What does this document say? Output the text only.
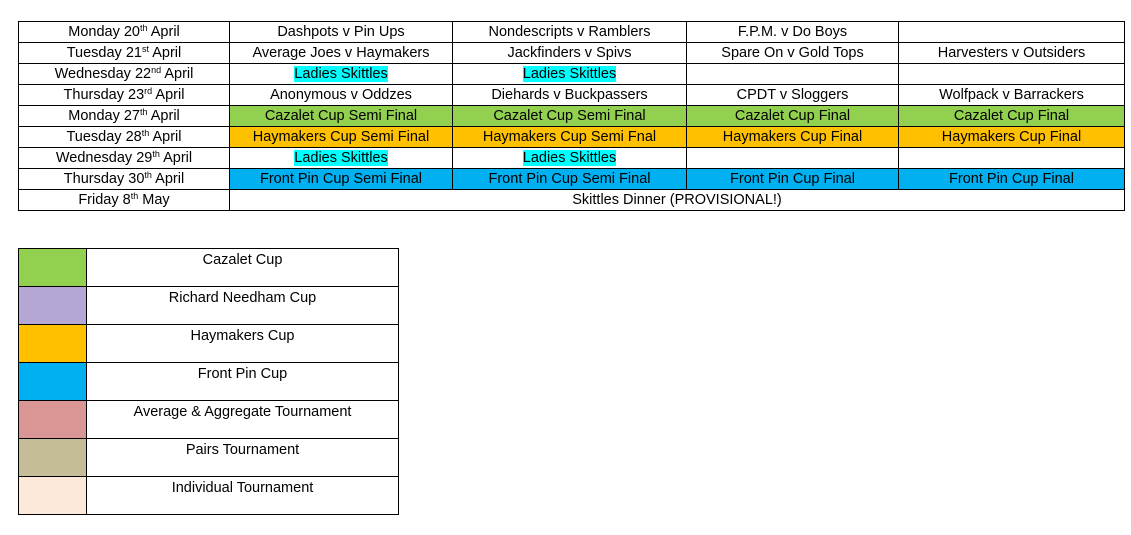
Monday 20th April	Dashpots v Pin Ups	Nondescripts v Ramblers	F.P.M. v Do Boys	
Tuesday 21st April	Average Joes v Haymakers	Jackfinders v Spivs	Spare On v Gold Tops	Harvesters v Outsiders
Wednesday 22nd April	Ladies Skittles	Ladies Skittles		
Thursday 23rd April	Anonymous v Oddzes	Diehards v Buckpassers	CPDT v Sloggers	Wolfpack v Barrackers
Monday 27th April	Cazalet Cup Semi Final	Cazalet Cup Semi Final	Cazalet Cup Final	Cazalet Cup Final
Tuesday 28th April	Haymakers Cup Semi Final	Haymakers Cup Semi Fnal	Haymakers Cup Final	Haymakers Cup Final
Wednesday 29th April	Ladies Skittles	Ladies Skittles		
Thursday 30th April	Front Pin Cup Semi Final	Front Pin Cup Semi Final	Front Pin Cup Final	Front Pin Cup Final
Friday 8th May	Skittles Dinner (PROVISIONAL!)			
	Cazalet Cup
	Richard Needham Cup
	Haymakers Cup
	Front Pin Cup
	Average & Aggregate Tournament
	Pairs Tournament
	Individual Tournament
